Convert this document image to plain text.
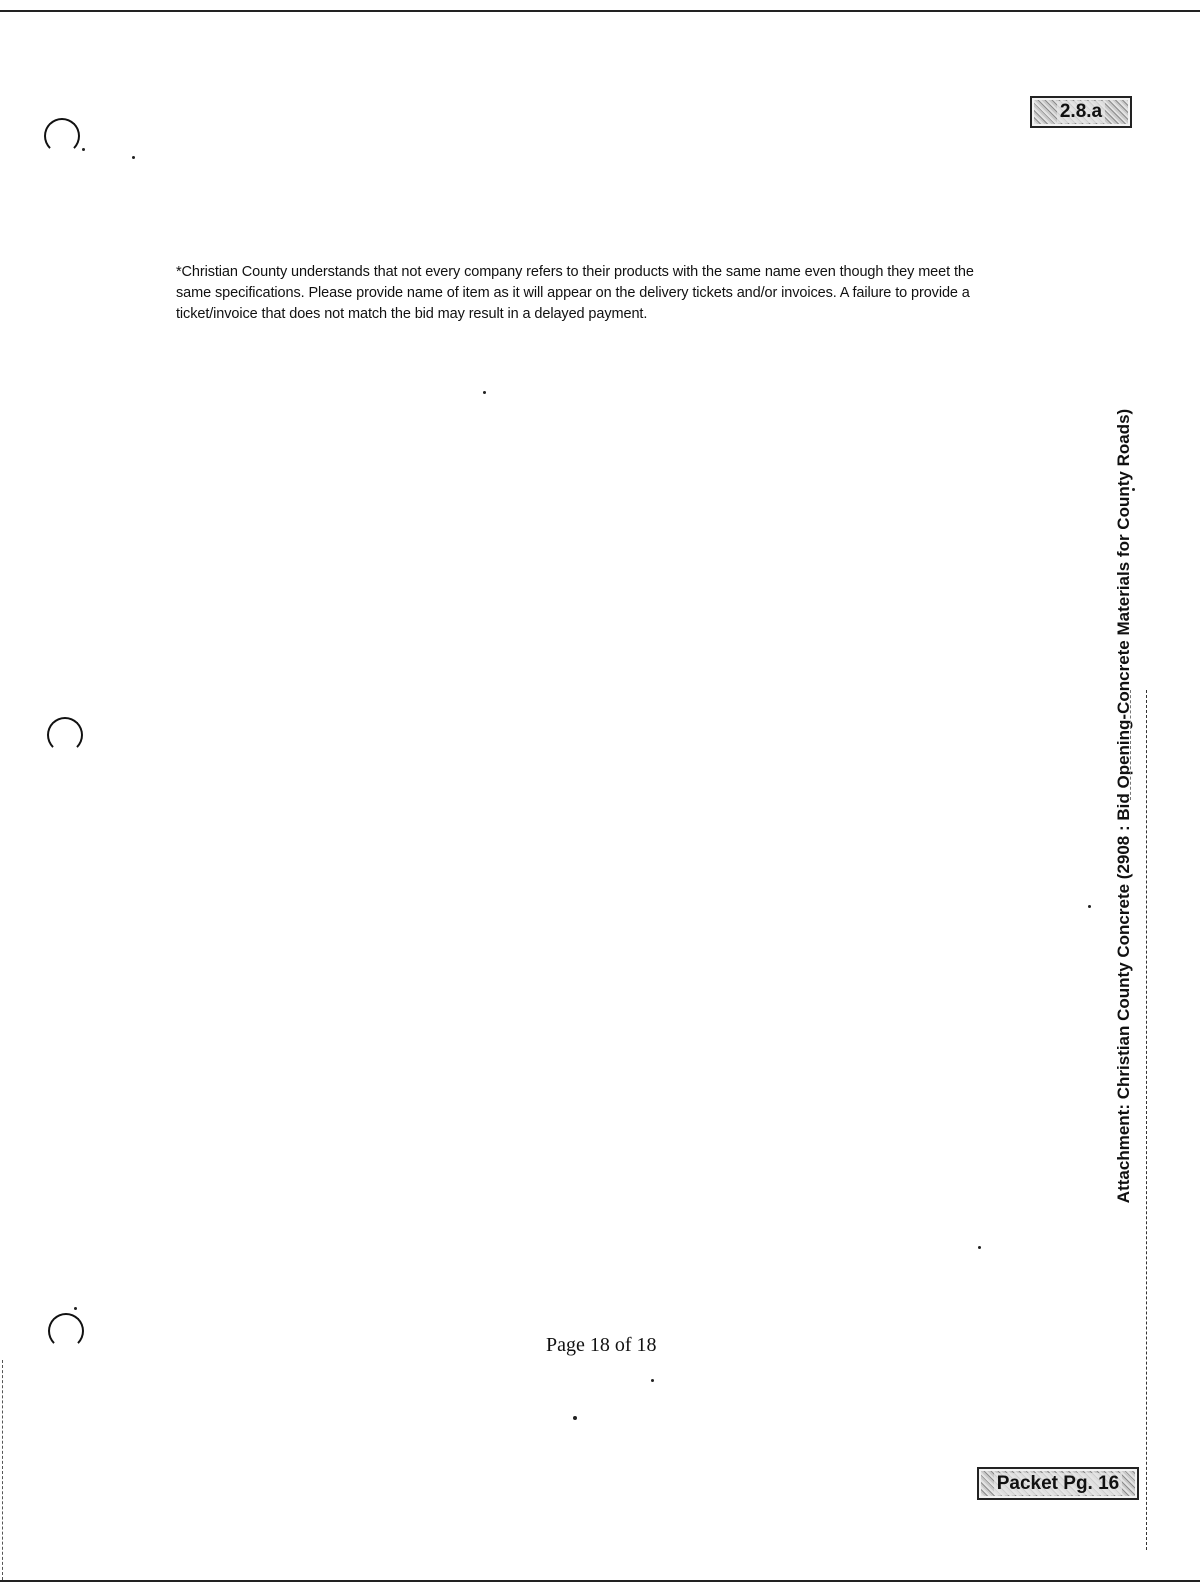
2.8.a
*Christian County understands that not every company refers to their products with the same name even though they meet the
same specifications. Please provide name of item as it will appear on the delivery tickets and/or invoices. A failure to provide a
ticket/invoice that does not match the bid may result in a delayed payment.
Attachment: Christian County Concrete (2908 : Bid Opening-Concrete Materials for County Roads)
Page 18 of 18
Packet Pg. 16
